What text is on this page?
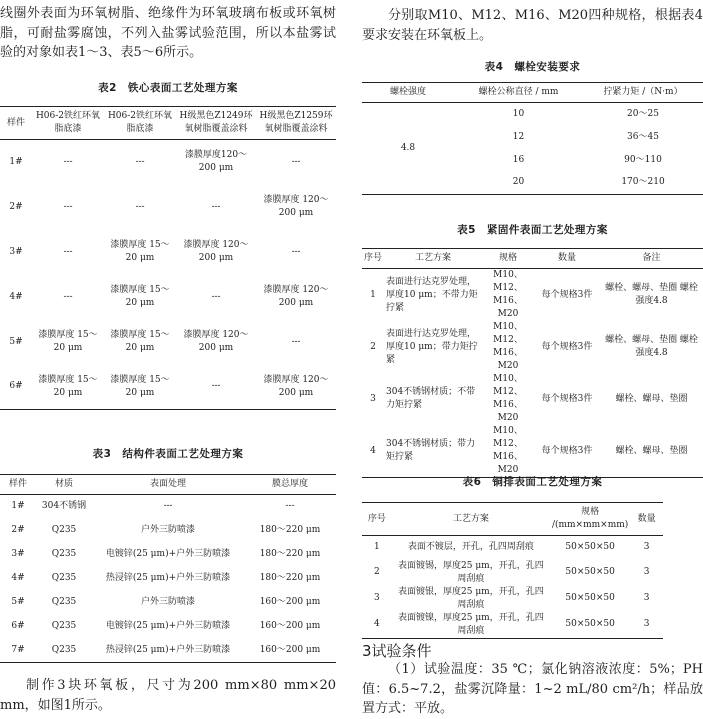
线圈外表面为环氧树脂、绝缘件为环氧玻璃布板或环氧树脂，可耐盐雾腐蚀，不列入盐雾试验范围，所以本盐雾试验的对象如表1～3、表5～6所示。

表2　铁心表面工艺处理方案
样件	H06-2铁红环氧脂底漆	H06-2铁红环氧脂底漆	H级黑色Z1249环氧树脂覆盖涂料	H级黑色Z1259环氧树脂覆盖涂料
1#	---	---	漆膜厚度120～200 μm	---
2#	---	---	---	漆膜厚度 120～200 μm
3#	---	漆膜厚度 15～20 μm	漆膜厚度 120～200 μm	---
4#	---	漆膜厚度 15～20 μm	---	漆膜厚度 120～200 μm
5#	漆膜厚度 15～20 μm	漆膜厚度 15～20 μm	漆膜厚度 120～200 μm	---
6#	漆膜厚度 15～20 μm	漆膜厚度 15～20 μm	---	漆膜厚度 120～200 μm
表3　结构件表面工艺处理方案
样件	材质	表面处理	膜总厚度
1#	304不锈钢	---	---
2#	Q235	户外三防喷漆	180～220 μm
3#	Q235	电镀锌(25 μm)+户外三防喷漆	180～220 μm
4#	Q235	热浸锌(25 μm)+户外三防喷漆	180～220 μm
5#	Q235	户外三防喷漆	160～200 μm
6#	Q235	电镀锌(25 μm)+户外三防喷漆	160～200 μm
7#	Q235	热浸锌(25 μm)+户外三防喷漆	160～200 μm

制作3块环氧板，尺寸为200 mm×80 mm×20 mm，如图1所示。

分别取M10、M12、M16、M20四种规格，根据表4要求安装在环氧板上。

表4　螺栓安装要求
螺栓强度	螺栓公称直径 / mm	拧紧力矩 /（N·m）
4.8	10	20～25
	12	36～45
	16	90～110
	20	170～210
表5　紧固件表面工艺处理方案
序号	工艺方案	规格	数量	备注
1	表面进行达克罗处理，厚度10 μm；不带力矩拧紧	M10、M12、M16、M20	每个规格3件	螺栓、螺母、垫圈 螺栓强度4.8
2	表面进行达克罗处理，厚度10 μm；带力矩拧紧	M10、M12、M16、M20	每个规格3件	螺栓、螺母、垫圈 螺栓强度4.8
3	304不锈钢材质；不带力矩拧紧	M10、M12、M16、M20	每个规格3件	螺栓、螺母、垫圈
4	304不锈钢材质；带力矩拧紧	M10、M12、M16、M20	每个规格3件	螺栓、螺母、垫圈
表6　铜排表面工艺处理方案
序号	工艺方案	规格 /(mm×mm×mm)	数量
1	表面不镀层，开孔，孔四周刮痕	50×50×50	3
2	表面镀锡，厚度25 μm，开孔，孔四周刮痕	50×50×50	3
3	表面镀银，厚度25 μm，开孔，孔四周刮痕	50×50×50	3
4	表面镀镍，厚度25 μm，开孔，孔四周刮痕	50×50×50	3
3试验条件

（1）试验温度：35 ℃；氯化钠溶液浓度：5%；PH值：6.5~7.2，盐雾沉降量：1~2 mL/80 cm²/h；样品放置方式：平放。
